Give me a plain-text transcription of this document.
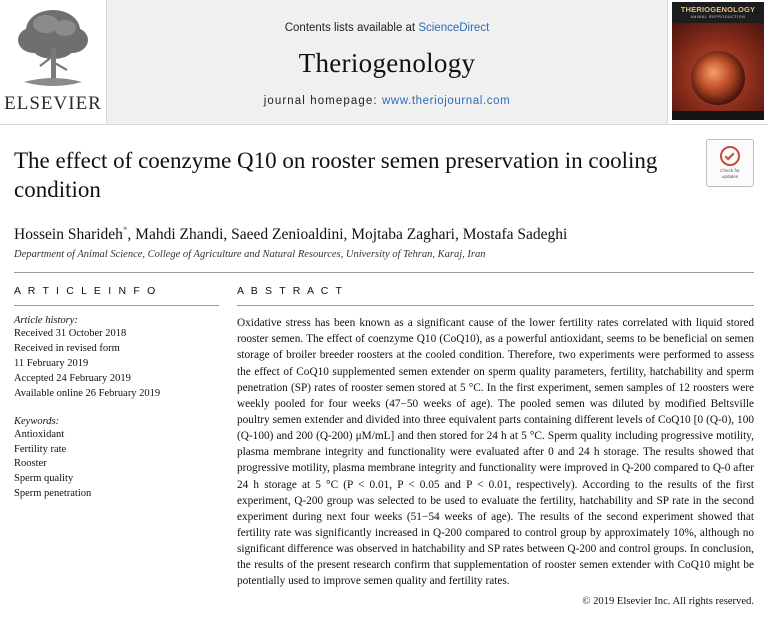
ELSEVIER
Contents lists available at ScienceDirect
Theriogenology
journal homepage: www.theriojournal.com
THERIOGENOLOGY
ANIMAL REPRODUCTION
The effect of coenzyme Q10 on rooster semen preservation in cooling condition
Check for
updates
Hossein Sharideh*, Mahdi Zhandi, Saeed Zenioaldini, Mojtaba Zaghari, Mostafa Sadeghi
Department of Animal Science, College of Agriculture and Natural Resources, University of Tehran, Karaj, Iran
A R T I C L E I N F O
Article history:
Received 31 October 2018
Received in revised form
11 February 2019
Accepted 24 February 2019
Available online 26 February 2019
Keywords:
Antioxidant
Fertility rate
Rooster
Sperm quality
Sperm penetration
A B S T R A C T

Oxidative stress has been known as a significant cause of the lower fertility rates correlated with liquid stored rooster semen. The effect of coenzyme Q10 (CoQ10), as a powerful antioxidant, seems to be beneficial on semen storage of broiler breeder roosters at the cooled condition. Therefore, two experiments were performed to assess the effect of CoQ10 supplemented semen extender on sperm quality parameters, fertility, hatchability and sperm penetration (SP) rates of rooster semen stored at 5 °C. In the first experiment, semen samples of 12 roosters were weekly pooled for four weeks (47−50 weeks of age). The pooled semen was diluted by modified Beltsville poultry semen extender and divided into three equivalent parts containing different levels of CoQ10 [0 (Q-0), 100 (Q-100) and 200 (Q-200) μM/mL] and then stored for 24 h at 5 °C. Sperm quality including progressive motility, plasma membrane integrity and functionality were evaluated after 0 and 24 h storage. The results showed that progressive motility, plasma membrane integrity and functionality were improved in Q-200 compared to Q-0 after 24 h storage at 5 °C (P < 0.01, P < 0.05 and P < 0.01, respectively). According to the results of the first experiment, Q-200 group was selected to be used to evaluate the fertility, hatchability and SP rate in the second experiment during next four weeks (51−54 weeks of age). The results of the second experiment showed that fertility rate was significantly increased in Q-200 compared to control group by approximately 10%, although no significant difference was observed in hatchability and SP rates between Q-200 and control groups. In conclusion, the results of the present research confirm that supplementation of rooster semen extender with CoQ10 might be potentially used to improve semen quality and fertility rates.

© 2019 Elsevier Inc. All rights reserved.
